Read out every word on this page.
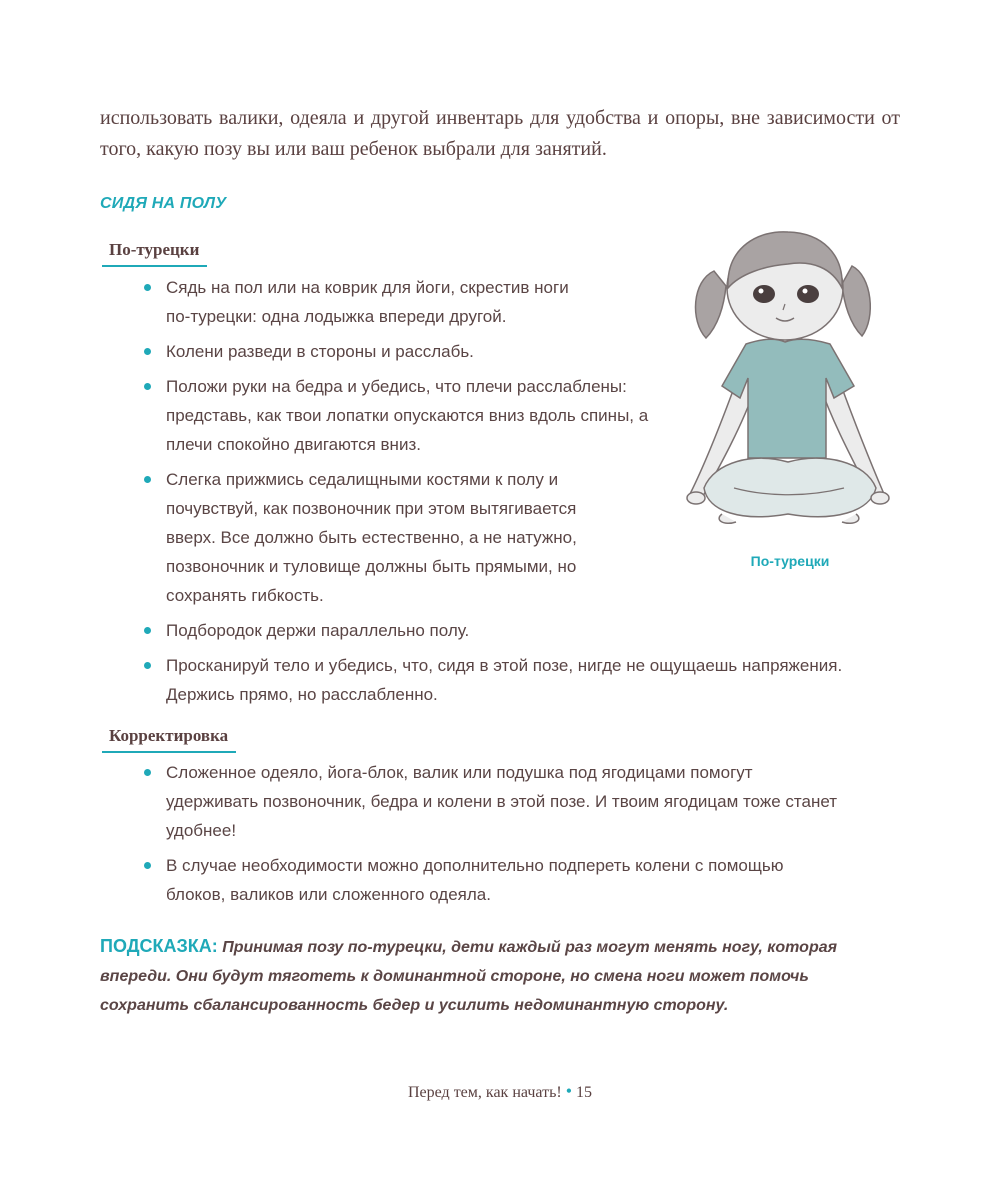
использовать валики, одеяла и другой инвентарь для удобства и опоры, вне зависимости от того, какую позу вы или ваш ребенок выбрали для занятий.

СИДЯ НА ПОЛУ
По-турецки
Сядь на пол или на коврик для йоги, скрестив ноги по-турецки: одна лодыжка впереди другой.
Колени разведи в стороны и расслабь.
Положи руки на бедра и убедись, что плечи расслаблены: представь, как твои лопатки опускаются вниз вдоль спины, а плечи спокойно двигаются вниз.
Слегка прижмись седалищными костями к полу и почувствуй, как позвоночник при этом вытягивается вверх. Все должно быть естественно, а не натужно, позвоночник и туловище должны быть прямыми, но сохранять гибкость.
Подбородок держи параллельно полу.
Просканируй тело и убедись, что, сидя в этой позе, нигде не ощущаешь напряжения. Держись прямо, но расслабленно.
По-турецки
Корректировка
Сложенное одеяло, йога-блок, валик или подушка под ягодицами помогут удерживать позвоночник, бедра и колени в этой позе. И твоим ягодицам тоже станет удобнее!
В случае необходимости можно дополнительно подпереть колени с помощью блоков, валиков или сложенного одеяла.

ПОДСКАЗКА: Принимая позу по-турецки, дети каждый раз могут менять ногу, которая впереди. Они будут тяготеть к доминантной стороне, но смена ноги может помочь сохранить сбалансированность бедер и усилить недоминантную сторону.

Перед тем, как начать! • 15
